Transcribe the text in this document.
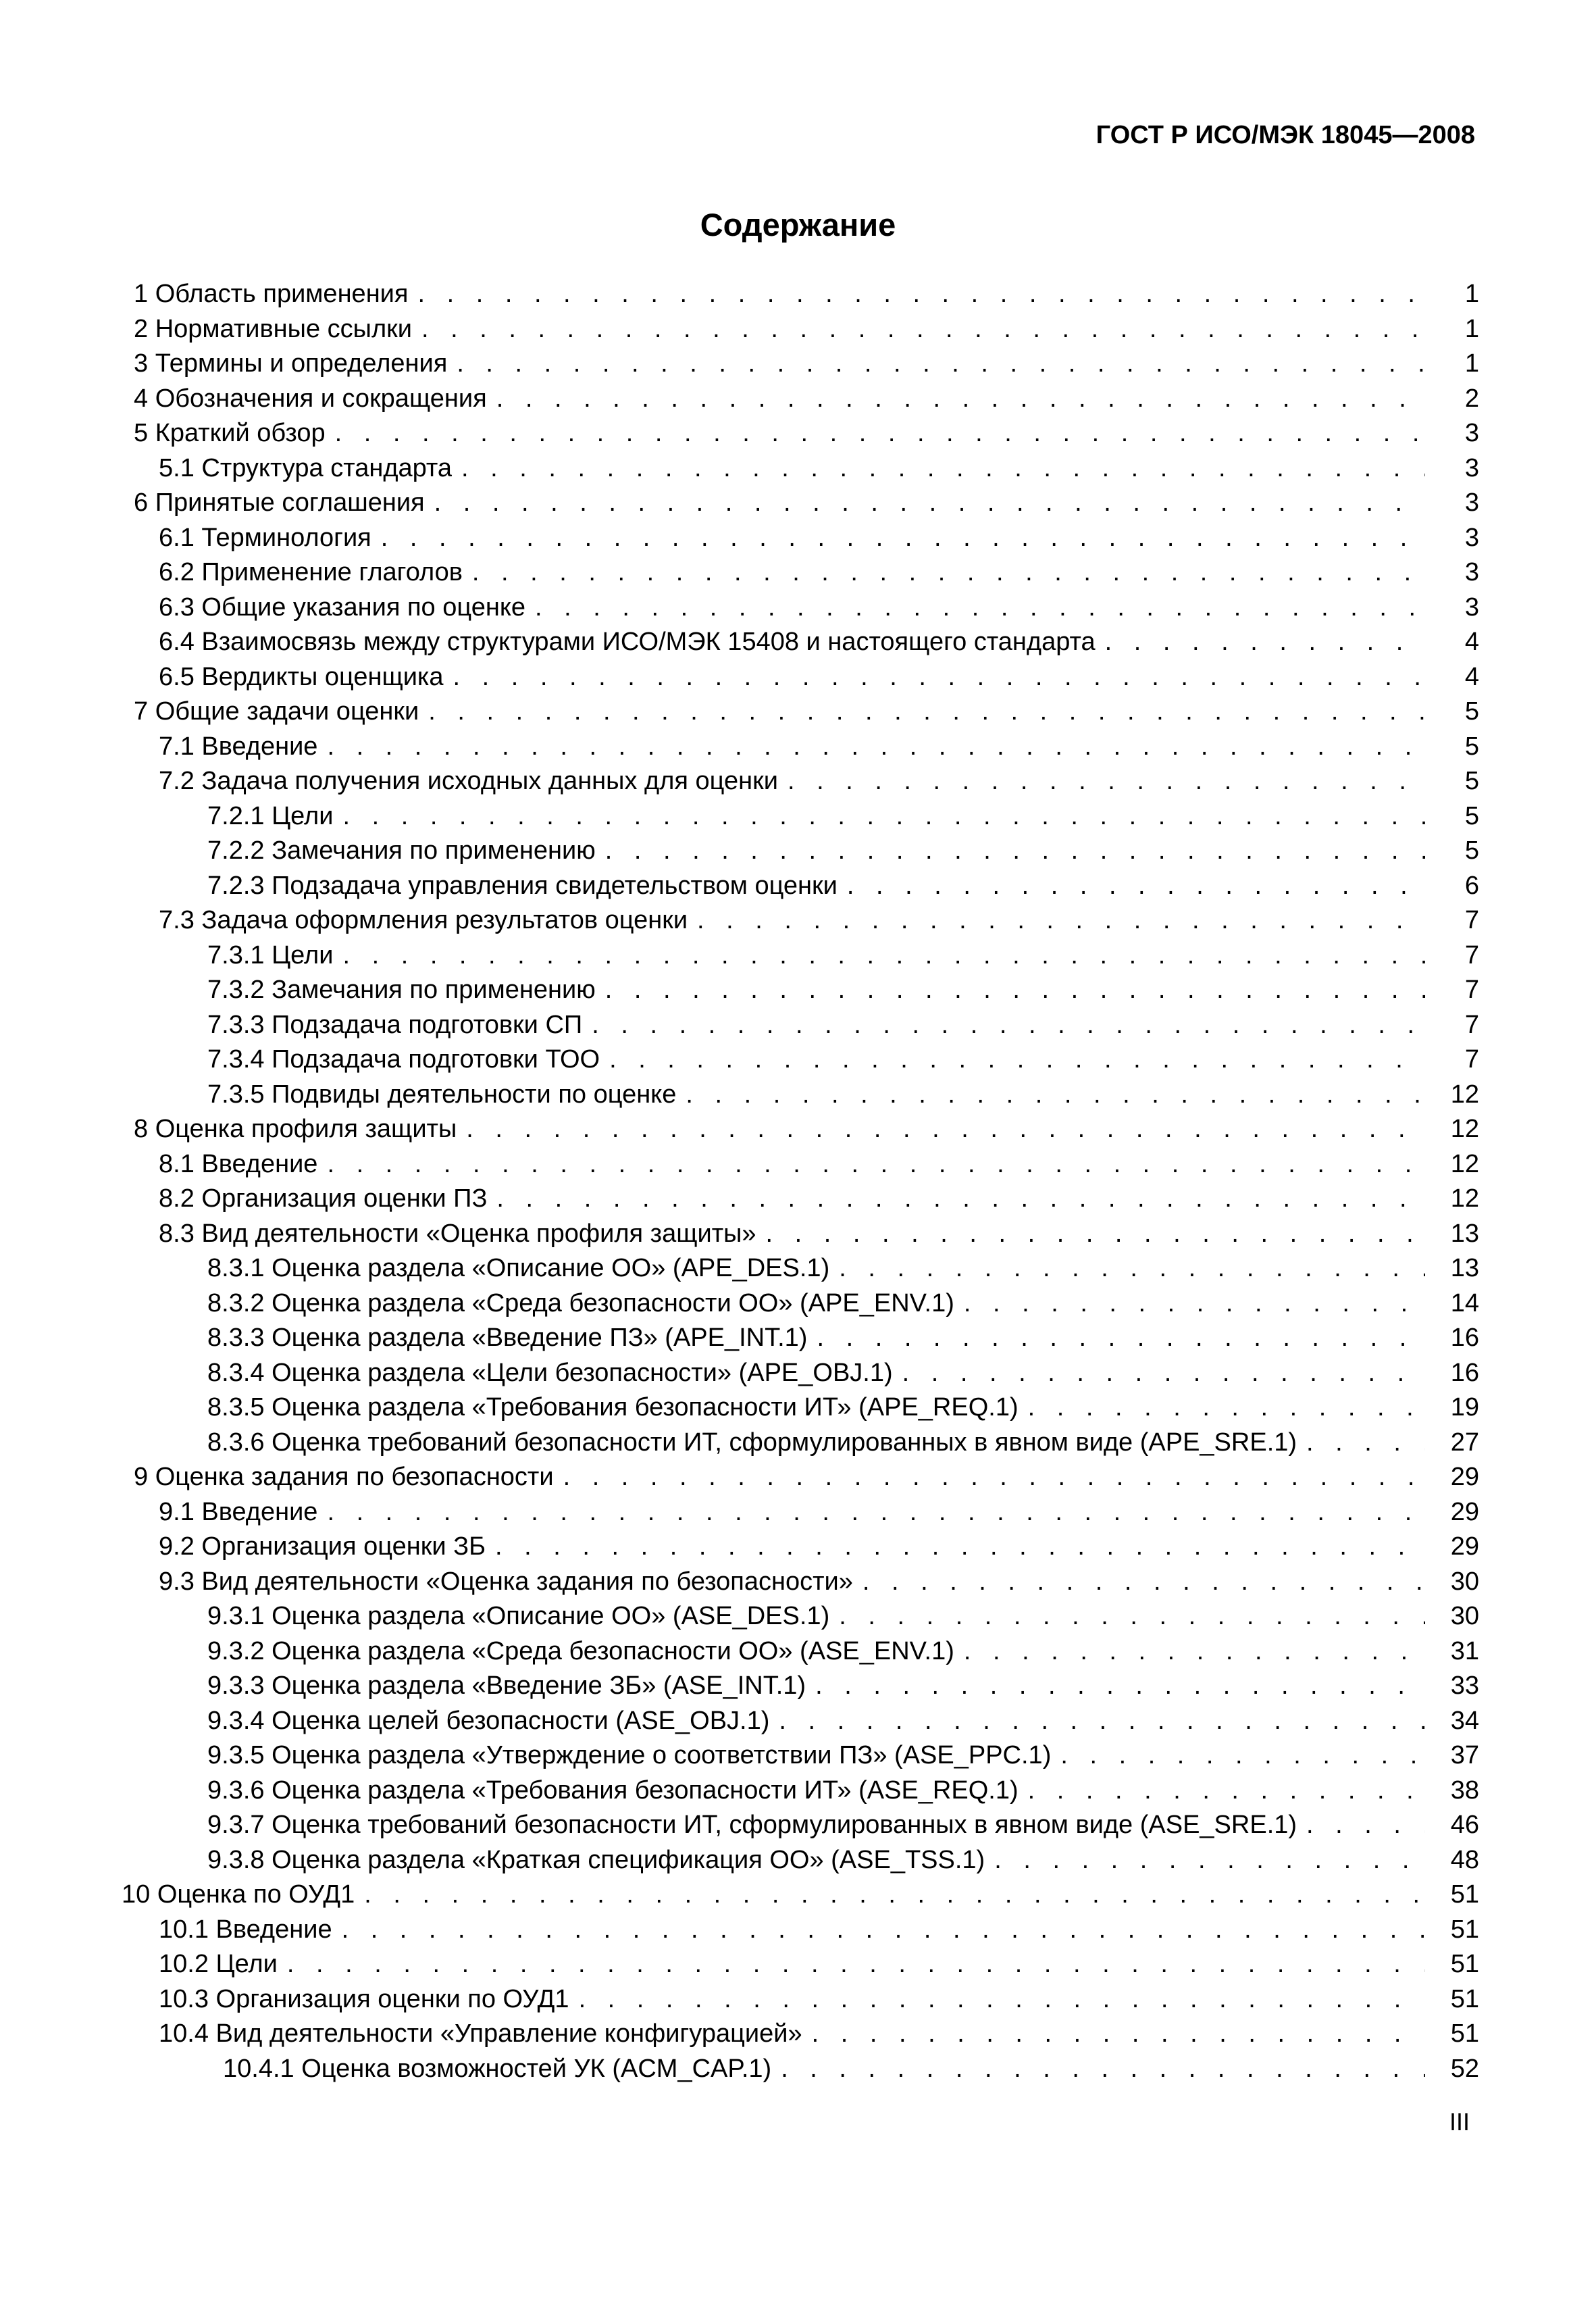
ГОСТ Р ИСО/МЭК 18045—2008
Содержание
1 Область применения . . .	1
2 Нормативные ссылки . . .	1
3 Термины и определения . . .	1
4 Обозначения и сокращения . . .	2
5 Краткий обзор . . .	3
5.1 Структура стандарта . . .	3
6 Принятые соглашения . . .	3
6.1 Терминология . . .	3
6.2 Применение глаголов . . .	3
6.3 Общие указания по оценке . . .	3
6.4 Взаимосвязь между структурами ИСО/МЭК 15408 и настоящего стандарта . . .	4
6.5 Вердикты оценщика . . .	4
7 Общие задачи оценки . . .	5
7.1 Введение . . .	5
7.2 Задача получения исходных данных для оценки . . .	5
7.2.1 Цели . . .	5
7.2.2 Замечания по применению . . .	5
7.2.3 Подзадача управления свидетельством оценки . . .	6
7.3 Задача оформления результатов оценки . . .	7
7.3.1 Цели . . .	7
7.3.2 Замечания по применению . . .	7
7.3.3 Подзадача подготовки СП . . .	7
7.3.4 Подзадача подготовки ТОО . . .	7
7.3.5 Подвиды деятельности по оценке . . .	12
8 Оценка профиля защиты . . .	12
8.1 Введение . . .	12
8.2 Организация оценки ПЗ . . .	12
8.3 Вид деятельности «Оценка профиля защиты» . . .	13
8.3.1 Оценка раздела «Описание ОО» (APE_DES.1) . . .	13
8.3.2 Оценка раздела «Среда безопасности ОО» (APE_ENV.1) . . .	14
8.3.3 Оценка раздела «Введение ПЗ» (APE_INT.1) . . .	16
8.3.4 Оценка раздела «Цели безопасности» (APE_OBJ.1) . . .	16
8.3.5 Оценка раздела «Требования безопасности ИТ» (APE_REQ.1) . . .	19
8.3.6 Оценка требований безопасности ИТ, сформулированных в явном виде (APE_SRE.1) . . .	27
9 Оценка задания по безопасности . . .	29
9.1 Введение . . .	29
9.2 Организация оценки ЗБ . . .	29
9.3 Вид деятельности «Оценка задания по безопасности» . . .	30
9.3.1 Оценка раздела «Описание ОО» (ASE_DES.1) . . .	30
9.3.2 Оценка раздела «Среда безопасности ОО» (ASE_ENV.1) . . .	31
9.3.3 Оценка раздела «Введение ЗБ» (ASE_INT.1) . . .	33
9.3.4 Оценка целей безопасности (ASE_OBJ.1) . . .	34
9.3.5 Оценка раздела «Утверждение о соответствии ПЗ» (ASE_PPC.1) . . .	37
9.3.6 Оценка раздела «Требования безопасности ИТ» (ASE_REQ.1) . . .	38
9.3.7 Оценка требований безопасности ИТ, сформулированных в явном виде (ASE_SRE.1) . . .	46
9.3.8 Оценка раздела «Краткая спецификация ОО» (ASE_TSS.1) . . .	48
10 Оценка по ОУД1 . . .	51
10.1 Введение . . .	51
10.2 Цели . . .	51
10.3 Организация оценки по ОУД1 . . .	51
10.4 Вид деятельности «Управление конфигурацией» . . .	51
10.4.1 Оценка возможностей УК (ACM_CAP.1) . . .	52
III
